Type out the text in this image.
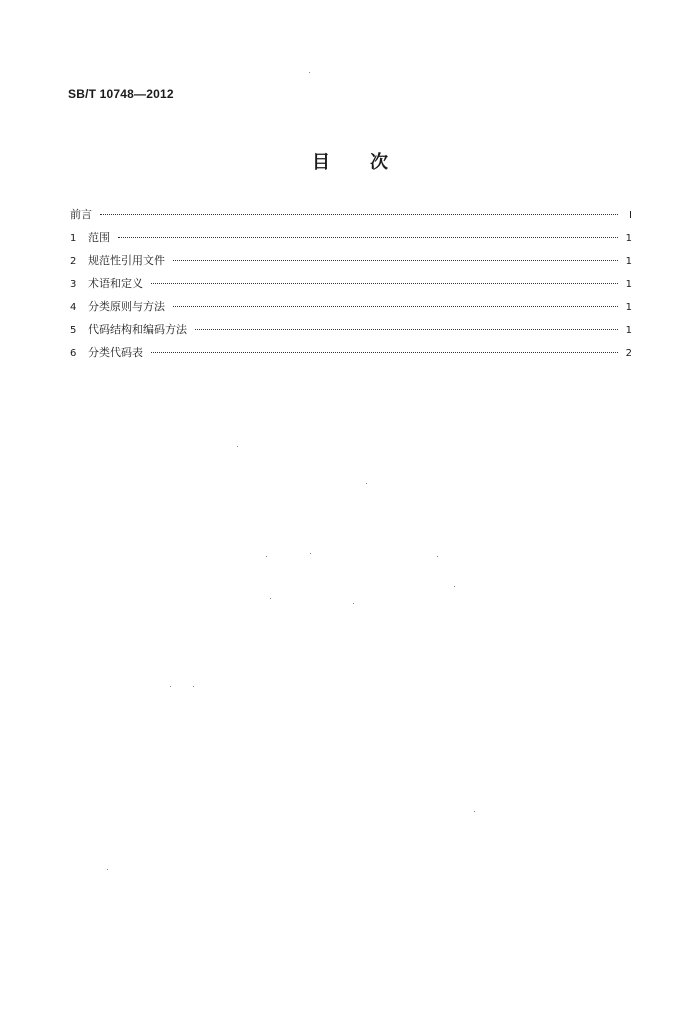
SB/T 10748—2012
目 次
前言	Ⅰ
1	范围	1
2	规范性引用文件	1
3	术语和定义	1
4	分类原则与方法	1
5	代码结构和编码方法	1
6	分类代码表	2
